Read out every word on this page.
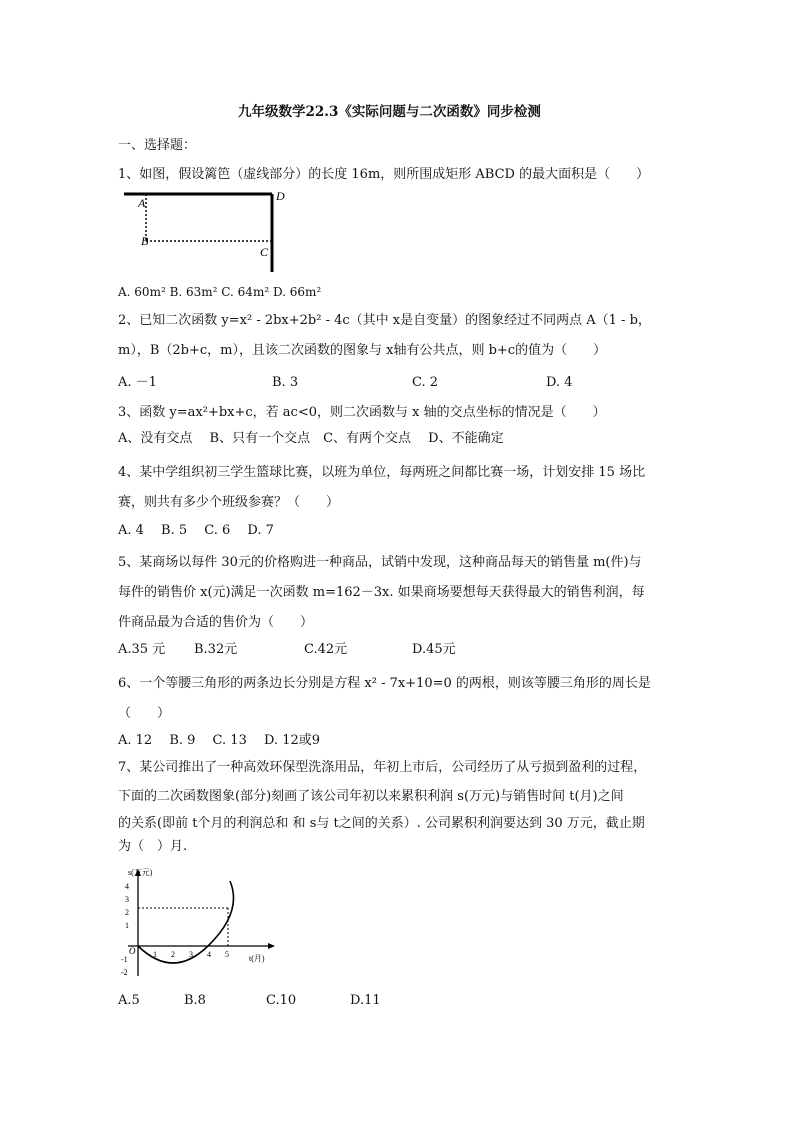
九年级数学22.3《实际问题与二次函数》同步检测
一、选择题：
1、如图，假设篱笆（虚线部分）的长度 16m，则所围成矩形 ABCD 的最大面积是（　　）
A
B
C
D
A. 60m² B. 63m² C. 64m² D. 66m²
2、已知二次函数 y=x² - 2bx+2b² - 4c（其中 x是自变量）的图象经过不同两点 A（1 - b，
m），B（2b+c，m），且该二次函数的图象与 x轴有公共点，则 b+c的值为（　　）
A. －1	B. 3	C. 2	D. 4
3、函数 y=ax²+bx+c，若 ac<0，则二次函数与 x 轴的交点坐标的情况是（　　）
A、没有交点　 B、只有一个交点　C、有两个交点　 D、不能确定
4、某中学组织初三学生篮球比赛，以班为单位，每两班之间都比赛一场，计划安排 15 场比
赛，则共有多少个班级参赛？（　　）
A. 4　 B. 5　 C. 6　 D. 7
5、某商场以每件 30元的价格购进一种商品，试销中发现，这种商品每天的销售量 m(件)与
每件的销售价 x(元)满足一次函数 m=162－3x. 如果商场要想每天获得最大的销售利润，每
件商品最为合适的售价为（　　）
A.35 元 B.32元	C.42元	D.45元
6、一个等腰三角形的两条边长分别是方程 x² - 7x+10=0 的两根，则该等腰三角形的周长是
（　　）
A. 12　 B. 9　 C. 13　 D. 12或9
7、某公司推出了一种高效环保型洗涤用品，年初上市后，公司经历了从亏损到盈利的过程，
下面的二次函数图象(部分)刻画了该公司年初以来累积利润 s(万元)与销售时间 t(月)之间
的关系(即前 t个月的利润总和 和 s与 t之间的关系）. 公司累积利润要达到 30 万元，截止期
为（　）月.
s(万元)
t(月)
O
4
3
2
1
-1
-2
1 2 3 4 5
A.5	B.8	C.10	D.11
